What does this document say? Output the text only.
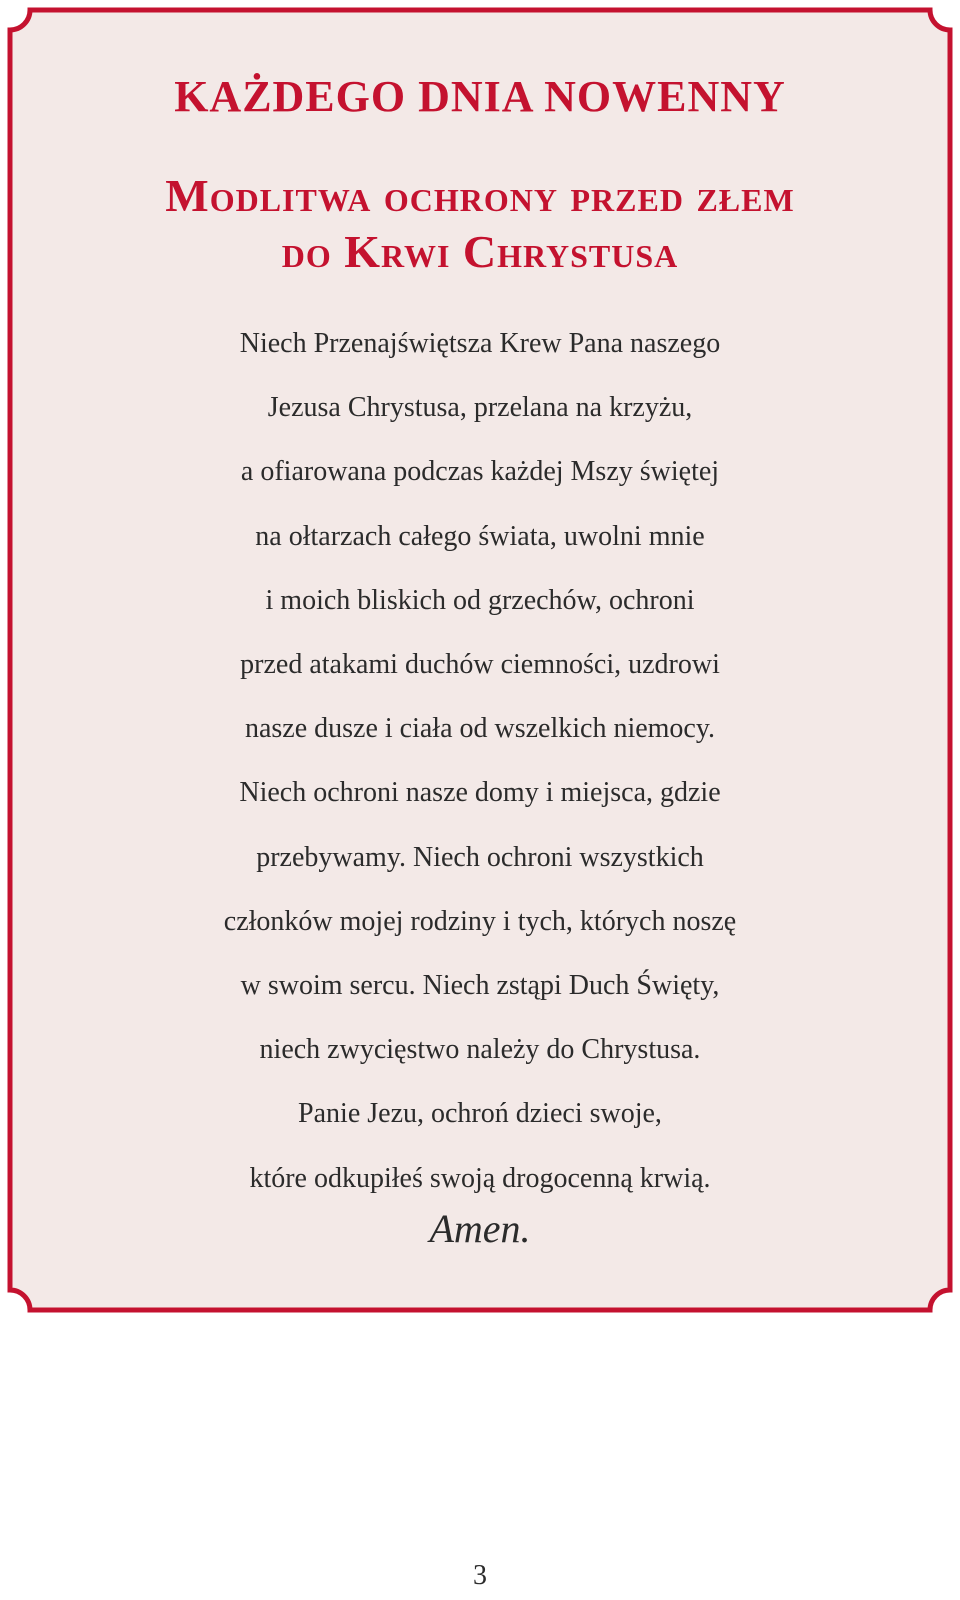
KAŻDEGO DNIA NOWENNY
Modlitwa ochrony przed złem
do Krwi Chrystusa
Niech Przenajświętsza Krew Pana naszego
Jezusa Chrystusa, przelana na krzyżu,
a ofiarowana podczas każdej Mszy świętej
na ołtarzach całego świata, uwolni mnie
i moich bliskich od grzechów, ochroni
przed atakami duchów ciemności, uzdrowi
nasze dusze i ciała od wszelkich niemocy.
Niech ochroni nasze domy i miejsca, gdzie
przebywamy. Niech ochroni wszystkich
członków mojej rodziny i tych, których noszę
w swoim sercu. Niech zstąpi Duch Święty,
niech zwycięstwo należy do Chrystusa.
Panie Jezu, ochroń dzieci swoje,
które odkupiłeś swoją drogocenną krwią.
Amen.
3
